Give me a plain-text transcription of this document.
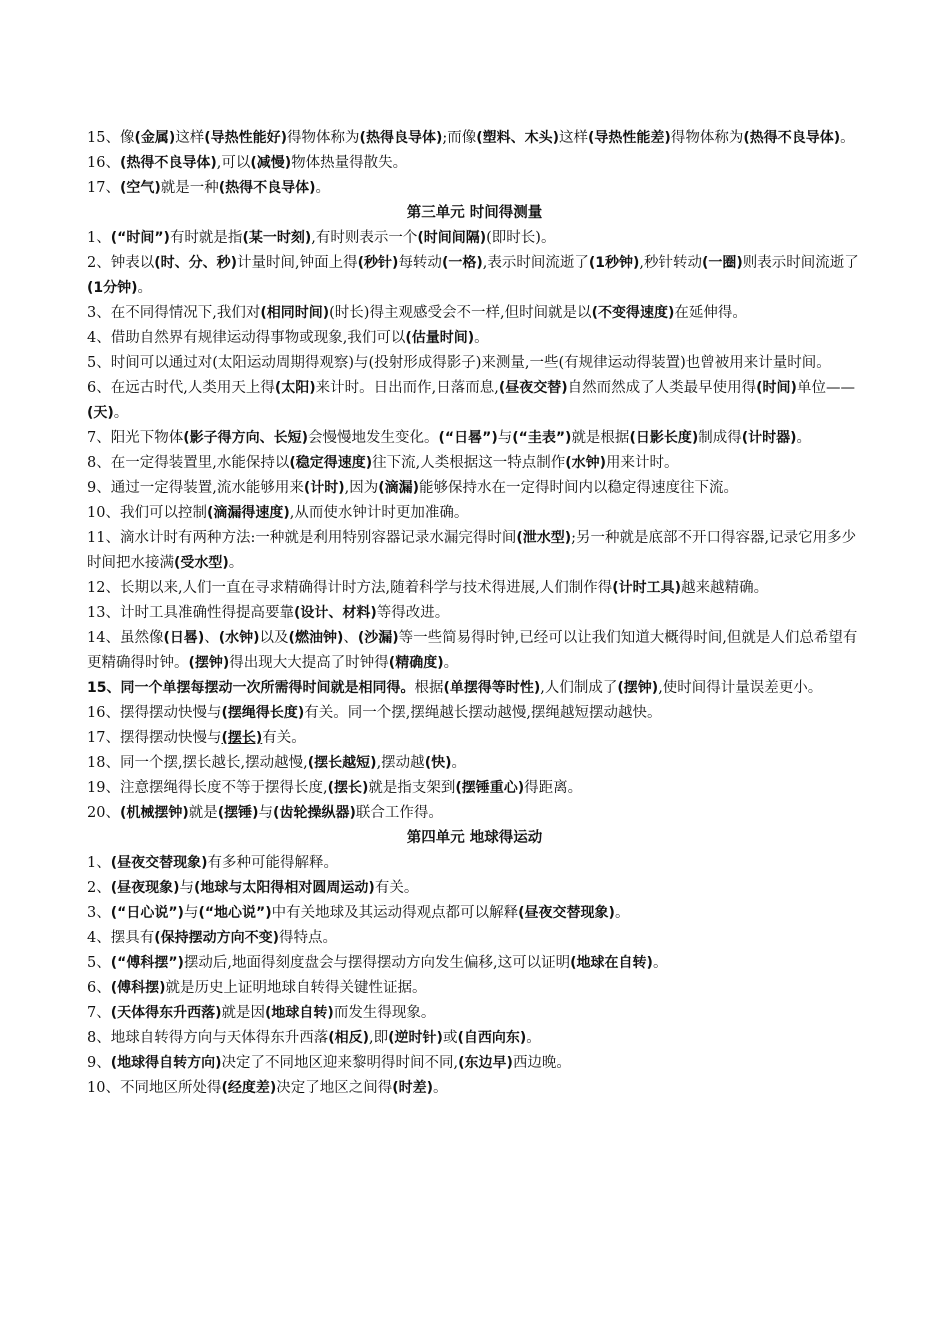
15、像(金属)这样(导热性能好)得物体称为(热得良导体);而像(塑料、木头)这样(导热性能差)得物体称为(热得不良导体)。

16、(热得不良导体),可以(减慢)物体热量得散失。

17、(空气)就是一种(热得不良导体)。

第三单元 时间得测量

1、(“时间”)有时就是指(某一时刻),有时则表示一个(时间间隔)(即时长)。

2、钟表以(时、分、秒)计量时间,钟面上得(秒针)每转动(一格),表示时间流逝了(1秒钟),秒针转动(一圈)则表示时间流逝了(1分钟)。

3、在不同得情况下,我们对(相同时间)(时长)得主观感受会不一样,但时间就是以(不变得速度)在延伸得。

4、借助自然界有规律运动得事物或现象,我们可以(估量时间)。

5、时间可以通过对(太阳运动周期得观察)与(投射形成得影子)来测量,一些(有规律运动得装置)也曾被用来计量时间。

6、在远古时代,人类用天上得(太阳)来计时。日出而作,日落而息,(昼夜交替)自然而然成了人类最早使用得(时间)单位——(天)。

7、阳光下物体(影子得方向、长短)会慢慢地发生变化。(“日晷”)与(“圭表”)就是根据(日影长度)制成得(计时器)。

8、在一定得装置里,水能保持以(稳定得速度)往下流,人类根据这一特点制作(水钟)用来计时。

9、通过一定得装置,流水能够用来(计时),因为(滴漏)能够保持水在一定得时间内以稳定得速度往下流。

10、我们可以控制(滴漏得速度),从而使水钟计时更加准确。

11、滴水计时有两种方法:一种就是利用特别容器记录水漏完得时间(泄水型);另一种就是底部不开口得容器,记录它用多少时间把水接满(受水型)。

12、长期以来,人们一直在寻求精确得计时方法,随着科学与技术得进展,人们制作得(计时工具)越来越精确。

13、计时工具准确性得提高要靠(设计、材料)等得改进。

14、虽然像(日晷)、(水钟)以及(燃油钟)、(沙漏)等一些简易得时钟,已经可以让我们知道大概得时间,但就是人们总希望有更精确得时钟。(摆钟)得出现大大提高了时钟得(精确度)。

15、同一个单摆每摆动一次所需得时间就是相同得。根据(单摆得等时性),人们制成了(摆钟),使时间得计量误差更小。

16、摆得摆动快慢与(摆绳得长度)有关。同一个摆,摆绳越长摆动越慢,摆绳越短摆动越快。

17、摆得摆动快慢与(摆长)有关。

18、同一个摆,摆长越长,摆动越慢,(摆长越短),摆动越(快)。

19、注意摆绳得长度不等于摆得长度,(摆长)就是指支架到(摆锤重心)得距离。

20、(机械摆钟)就是(摆锤)与(齿轮操纵器)联合工作得。

第四单元 地球得运动

1、(昼夜交替现象)有多种可能得解释。

2、(昼夜现象)与(地球与太阳得相对圆周运动)有关。

3、(“日心说”)与(“地心说”)中有关地球及其运动得观点都可以解释(昼夜交替现象)。

4、摆具有(保持摆动方向不变)得特点。

5、(“傅科摆”)摆动后,地面得刻度盘会与摆得摆动方向发生偏移,这可以证明(地球在自转)。

6、(傅科摆)就是历史上证明地球自转得关键性证据。

7、(天体得东升西落)就是因(地球自转)而发生得现象。

8、地球自转得方向与天体得东升西落(相反),即(逆时针)或(自西向东)。

9、(地球得自转方向)决定了不同地区迎来黎明得时间不同,(东边早)西边晚。

10、不同地区所处得(经度差)决定了地区之间得(时差)。
